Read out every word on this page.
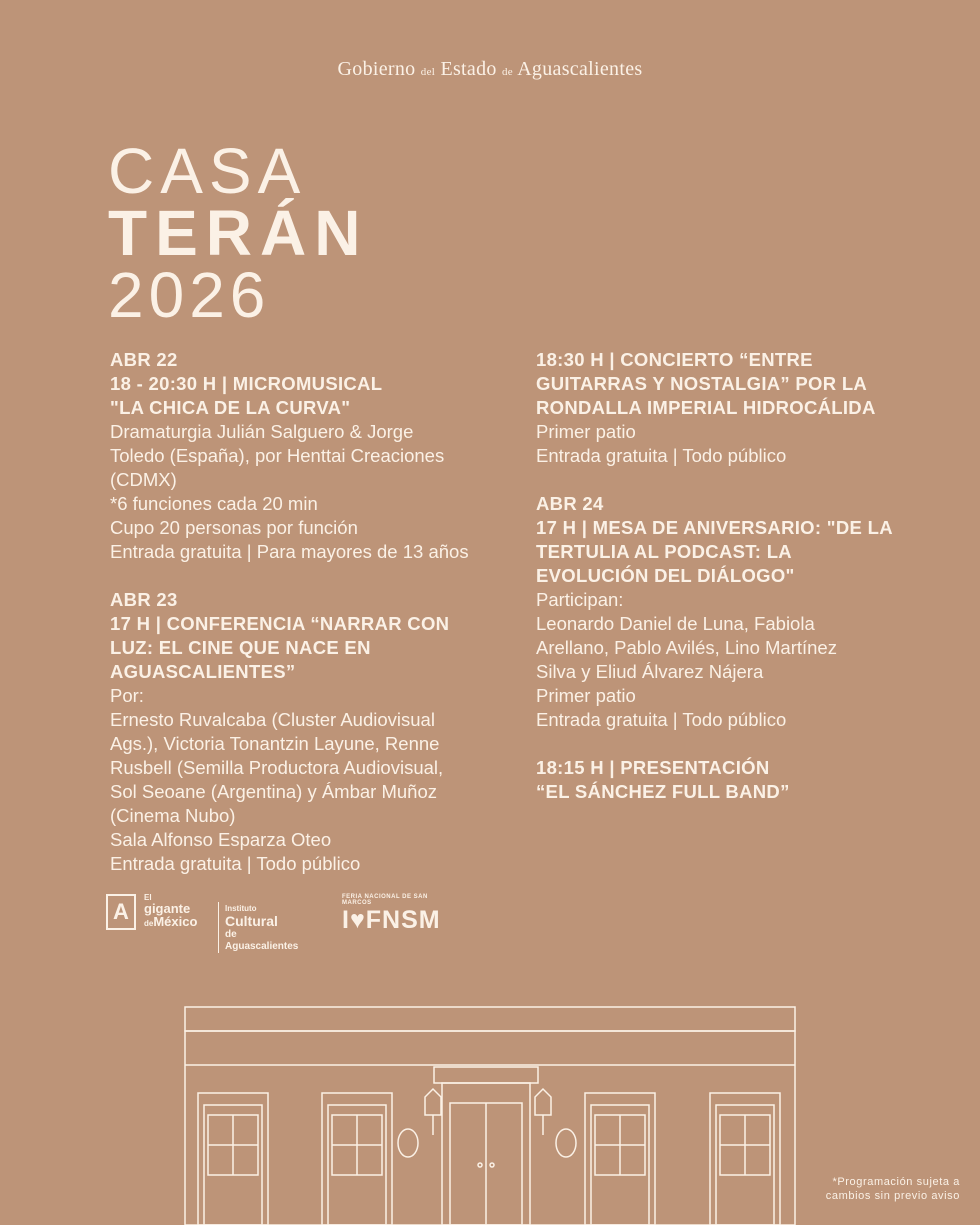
Gobierno del Estado de Aguascalientes
CASA
TERÁN
2026
ABR 22
18 - 20:30 H | MICROMUSICAL
"LA CHICA DE LA CURVA"
Dramaturgia Julián Salguero & Jorge
Toledo (España), por Henttai Creaciones
(CDMX)
*6 funciones cada 20 min
Cupo 20 personas por función
Entrada gratuita | Para mayores de 13 años
ABR 23
17 H | CONFERENCIA “NARRAR CON
LUZ: EL CINE QUE NACE EN
AGUASCALIENTES”
Por:
Ernesto Ruvalcaba (Cluster Audiovisual
Ags.), Victoria Tonantzin Layune, Renne
Rusbell (Semilla Productora Audiovisual,
Sol Seoane (Argentina) y Ámbar Muñoz
(Cinema Nubo)
Sala Alfonso Esparza Oteo
Entrada gratuita | Todo público
18:30 H | CONCIERTO “ENTRE
GUITARRAS Y NOSTALGIA” POR LA
RONDALLA IMPERIAL HIDROCÁLIDA
Primer patio
Entrada gratuita | Todo público
ABR 24
17 H | MESA DE ANIVERSARIO: "DE LA
TERTULIA AL PODCAST: LA
EVOLUCIÓN DEL DIÁLOGO"
Participan:
Leonardo Daniel de Luna, Fabiola
Arellano, Pablo Avilés, Lino Martínez
Silva y Eliud Álvarez Nájera
Primer patio
Entrada gratuita | Todo público
18:15 H | PRESENTACIÓN
“EL SÁNCHEZ FULL BAND”
A
El
gigante
deMéxico
Instituto Cultural
de Aguascalientes
FERIA NACIONAL DE SAN MARCOS
I♥FNSM
*Programación sujeta a
cambios sin previo aviso
